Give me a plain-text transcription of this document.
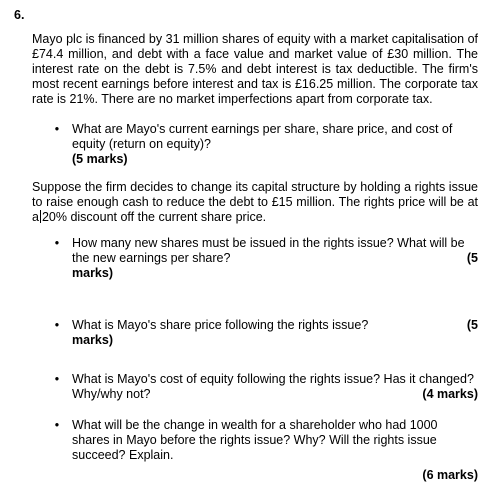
6.
Mayo plc is financed by 31 million shares of equity with a market capitalisation of £74.4 million, and debt with a face value and market value of £30 million. The interest rate on the debt is 7.5% and debt interest is tax deductible. The firm's most recent earnings before interest and tax is £16.25 million. The corporate tax rate is 21%. There are no market imperfections apart from corporate tax.
• What are Mayo's current earnings per share, share price, and cost of equity (return on equity)?
(5 marks)
Suppose the firm decides to change its capital structure by holding a rights issue to raise enough cash to reduce the debt to £15 million. The rights price will be at a 20% discount off the current share price.
• How many new shares must be issued in the rights issue? What will be the new earnings per share?	(5

marks)
• What is Mayo's share price following the rights issue?	(5

marks)
• What is Mayo's cost of equity following the rights issue? Has it changed? Why/why not?	(4 marks)
• What will be the change in wealth for a shareholder who had 1000 shares in Mayo before the rights issue? Why? Will the rights issue succeed? Explain.
(6 marks)
